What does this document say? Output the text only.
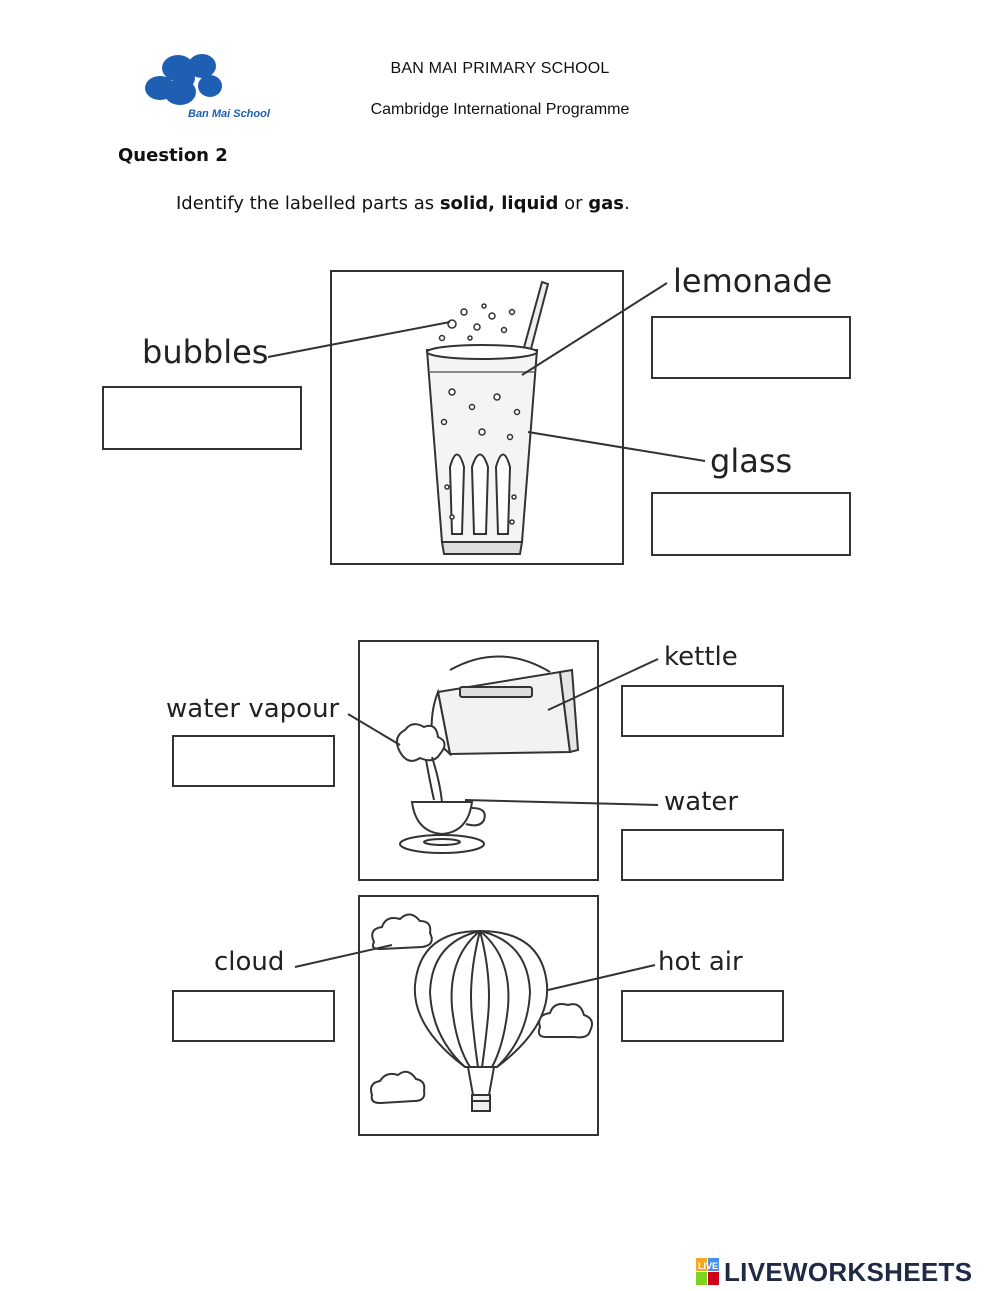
Ban Mai School
BAN MAI PRIMARY SCHOOL
Cambridge International Programme
Question 2
Identify the labelled parts as solid, liquid or gas.
lemonade
bubbles
glass
kettle
water vapour
water
cloud	hot air
LIVE LIVEWORKSHEETS
